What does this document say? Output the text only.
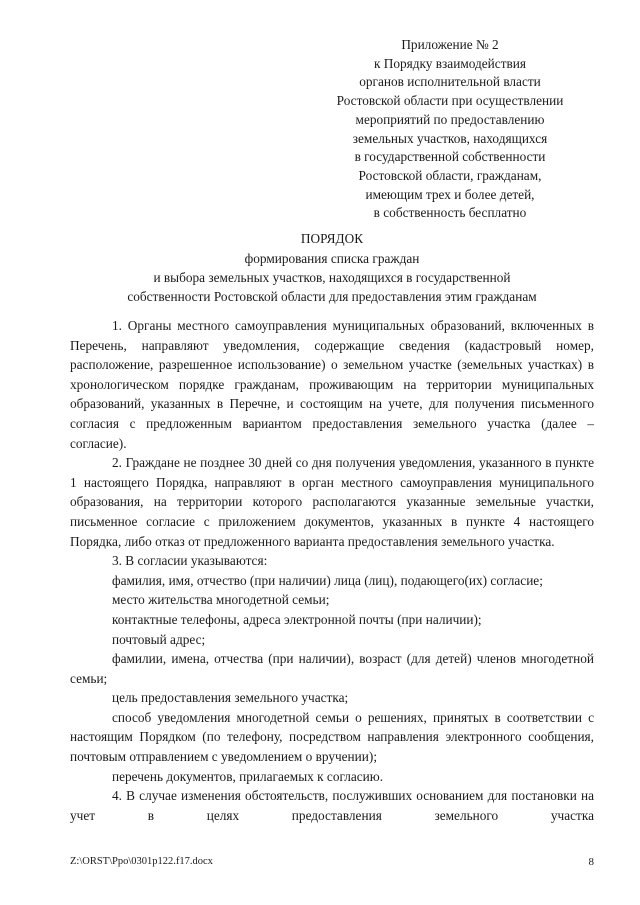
Приложение № 2
к Порядку взаимодействия
органов исполнительной власти
Ростовской области при осуществлении
мероприятий по предоставлению
земельных участков, находящихся
в государственной собственности
Ростовской области, гражданам,
имеющим трех и более детей,
в собственность бесплатно
ПОРЯДОК
формирования списка граждан
и выбора земельных участков, находящихся в государственной
собственности Ростовской области для предоставления этим гражданам

1. Органы местного самоуправления муниципальных образований, включенных в Перечень, направляют уведомления, содержащие сведения (кадастровый номер, расположение, разрешенное использование) о земельном участке (земельных участках) в хронологическом порядке гражданам, проживающим на территории муниципальных образований, указанных в Перечне, и состоящим на учете, для получения письменного согласия с предложенным вариантом предоставления земельного участка (далее – согласие).

2. Граждане не позднее 30 дней со дня получения уведомления, указанного в пункте 1 настоящего Порядка, направляют в орган местного самоуправления муниципального образования, на территории которого располагаются указанные земельные участки, письменное согласие с приложением документов, указанных в пункте 4 настоящего Порядка, либо отказ от предложенного варианта предоставления земельного участка.

3. В согласии указываются:

фамилия, имя, отчество (при наличии) лица (лиц), подающего(их) согласие;

место жительства многодетной семьи;

контактные телефоны, адреса электронной почты (при наличии);

почтовый адрес;

фамилии, имена, отчества (при наличии), возраст (для детей) членов многодетной семьи;

цель предоставления земельного участка;

способ уведомления многодетной семьи о решениях, принятых в соответствии с настоящим Порядком (по телефону, посредством направления электронного сообщения, почтовым отправлением с уведомлением о вручении);

перечень документов, прилагаемых к согласию.

4. В случае изменения обстоятельств, послуживших основанием для постановки на учет в целях предоставления земельного участка

Z:\ORST\Ppo\0301p122.f17.docx	8
